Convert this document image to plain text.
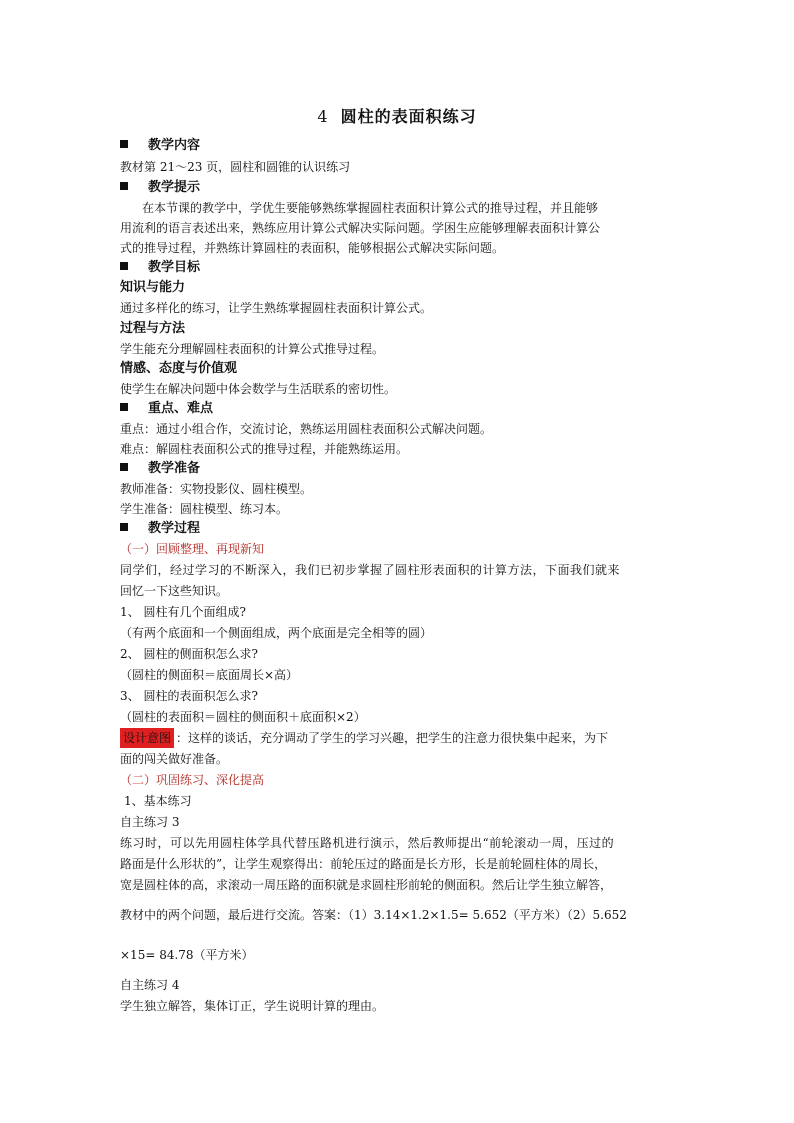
4 圆柱的表面积练习
教学内容
教材第 21～23 页，圆柱和圆锥的认识练习
教学提示
在本节课的教学中，学优生要能够熟练掌握圆柱表面积计算公式的推导过程，并且能够
用流利的语言表述出来，熟练应用计算公式解决实际问题。学困生应能够理解表面积计算公
式的推导过程，并熟练计算圆柱的表面积，能够根据公式解决实际问题。
教学目标
知识与能力
通过多样化的练习，让学生熟练掌握圆柱表面积计算公式。
过程与方法
学生能充分理解圆柱表面积的计算公式推导过程。
情感、态度与价值观
使学生在解决问题中体会数学与生活联系的密切性。
重点、难点
重点：通过小组合作，交流讨论，熟练运用圆柱表面积公式解决问题。
难点：解圆柱表面积公式的推导过程，并能熟练运用。
教学准备
教师准备：实物投影仪、圆柱模型。
学生准备：圆柱模型、练习本。
教学过程
（一）回顾整理、再现新知
同学们，经过学习的不断深入，我们已初步掌握了圆柱形表面积的计算方法，下面我们就来
回忆一下这些知识。
1、 圆柱有几个面组成?
（有两个底面和一个侧面组成，两个底面是完全相等的圆）
2、 圆柱的侧面积怎么求?
（圆柱的侧面积＝底面周长×高）
3、 圆柱的表面积怎么求?
（圆柱的表面积＝圆柱的侧面积＋底面积×2）
设计意图 ：这样的谈话，充分调动了学生的学习兴趣，把学生的注意力很快集中起来，为下
面的闯关做好准备。
（二）巩固练习、深化提高
1、基本练习
自主练习 3
练习时，可以先用圆柱体学具代替压路机进行演示，然后教师提出“前轮滚动一周，压过的
路面是什么形状的”，让学生观察得出：前轮压过的路面是长方形，长是前轮圆柱体的周长，
宽是圆柱体的高，求滚动一周压路的面积就是求圆柱形前轮的侧面积。然后让学生独立解答，
教材中的两个问题，最后进行交流。答案：（1）3.14×1.2×1.5= 5.652（平方米）（2）5.652
×15= 84.78（平方米）
自主练习 4
学生独立解答，集体订正，学生说明计算的理由。
